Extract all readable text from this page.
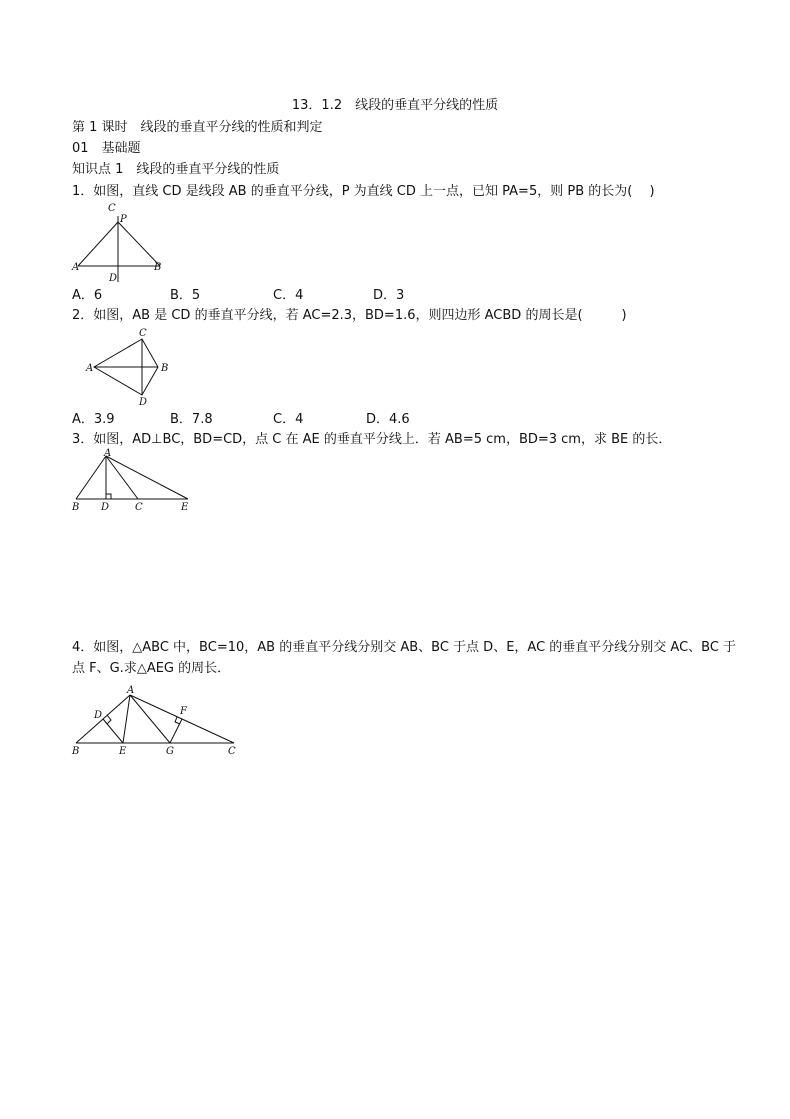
13．1.2　线段的垂直平分线的性质
第 1 课时　线段的垂直平分线的性质和判定
01　基础题
知识点 1　线段的垂直平分线的性质
1．如图，直线 CD 是线段 AB 的垂直平分线，P 为直线 CD 上一点，已知 PA=5，则 PB 的长为(　 )
C
P
A	B
D
A．6	B．5	C．4	D．3
2．如图，AB 是 CD 的垂直平分线，若 AC=2.3，BD=1.6，则四边形 ACBD 的周长是(　　　)
C
A	B
D
A．3.9	B．7.8	C．4	D．4.6
3．如图，AD⊥BC，BD=CD，点 C 在 AE 的垂直平分线上．若 AB=5 cm，BD=3 cm，求 BE 的长．
A
B D	C	E
4．如图，△ABC 中，BC=10，AB 的垂直平分线分别交 AB、BC 于点 D、E，AC 的垂直平分线分别交 AC、BC 于
点 F、G.求△AEG 的周长．
A
D	F
B	E	G	C
